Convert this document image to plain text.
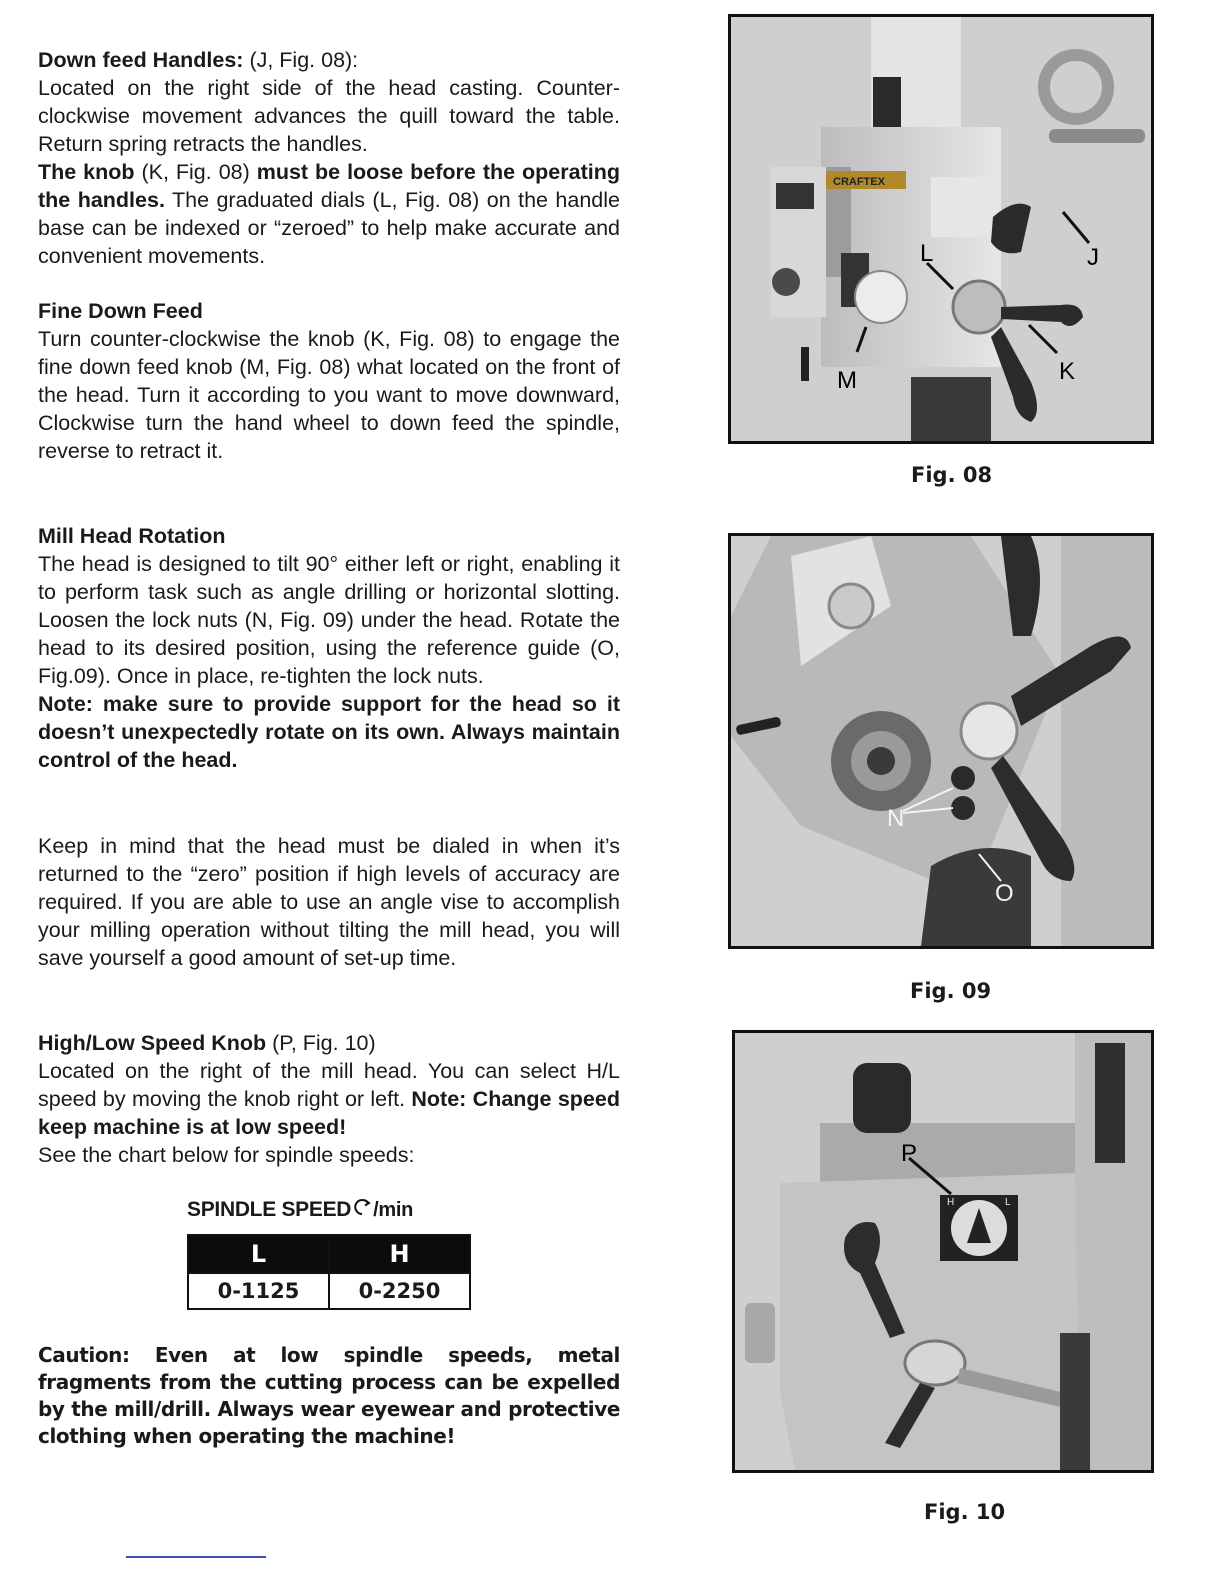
Down feed Handles: (J, Fig. 08):

Located on the right side of the head casting. Counter-clockwise movement advances the quill toward the table. Return spring retracts the handles.

The knob (K, Fig. 08) must be loose before the operating the handles. The graduated dials (L, Fig. 08) on the handle base can be indexed or “zeroed” to help make accurate and convenient movements.

Fine Down Feed

Turn counter-clockwise the knob (K, Fig. 08) to engage the fine down feed knob (M, Fig. 08) what located on the front of the head. Turn it according to you want to move downward, Clockwise turn the hand wheel to down feed the spindle, reverse to retract it.

Mill Head Rotation

The head is designed to tilt 90° either left or right, enabling it to perform task such as angle drilling or horizontal slotting. Loosen the lock nuts (N, Fig. 09) under the head. Rotate the head to its desired position, using the reference guide (O, Fig.09). Once in place, re-tighten the lock nuts.

Note: make sure to provide support for the head so it doesn’t unexpectedly rotate on its own. Always maintain control of the head.

Keep in mind that the head must be dialed in when it’s returned to the “zero” position if high levels of accuracy are required. If you are able to use an angle vise to accomplish your milling operation without tilting the mill head, you will save yourself a good amount of set-up time.

High/Low Speed Knob (P, Fig. 10)

Located on the right of the mill head. You can select H/L speed by moving the knob right or left. Note: Change speed keep machine is at low speed!

See the chart below for spindle speeds:

SPINDLE SPEED /min
L	H
0-1125	0-2250
Caution: Even at low spindle speeds, metal fragments from the cutting process can be expelled by the mill/drill. Always wear eyewear and protective clothing when operating the machine!
CRAFTEX
J
L
K
M
Fig. 08
N
O
Fig. 09
H	L
P
Fig. 10
